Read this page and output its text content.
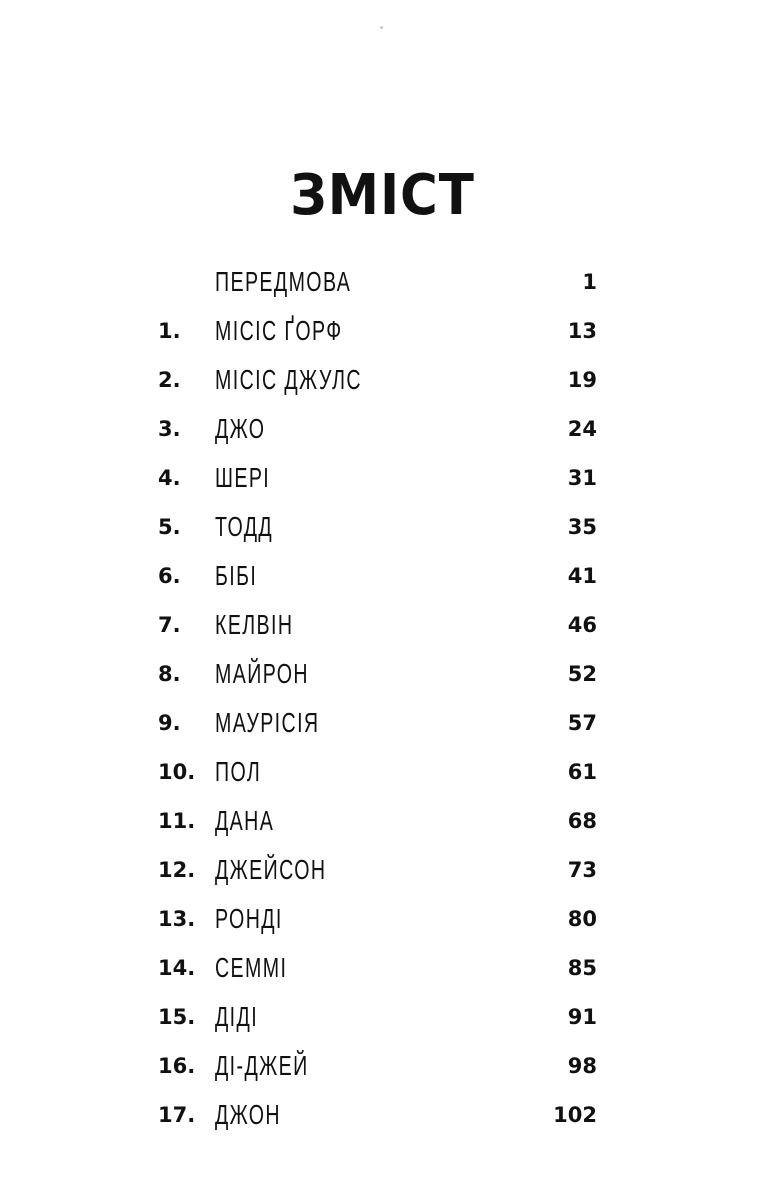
ЗМІСТ
ПЕРЕДМОВА	1
1.	МІСІС ҐОРФ	13
2.	МІСІС ДЖУЛС	19
3.	ДЖО	24
4.	ШЕРІ	31
5.	ТОДД	35
6.	БІБІ	41
7.	КЕЛВІН	46
8.	МАЙРОН	52
9.	МАУРІСІЯ	57
10. ПОЛ	61
11. ДАНА	68
12. ДЖЕЙСОН	73
13. РОНДІ	80
14. СЕММІ	85
15. ДІДІ	91
16. ДІ-ДЖЕЙ	98
17. ДЖОН	102
